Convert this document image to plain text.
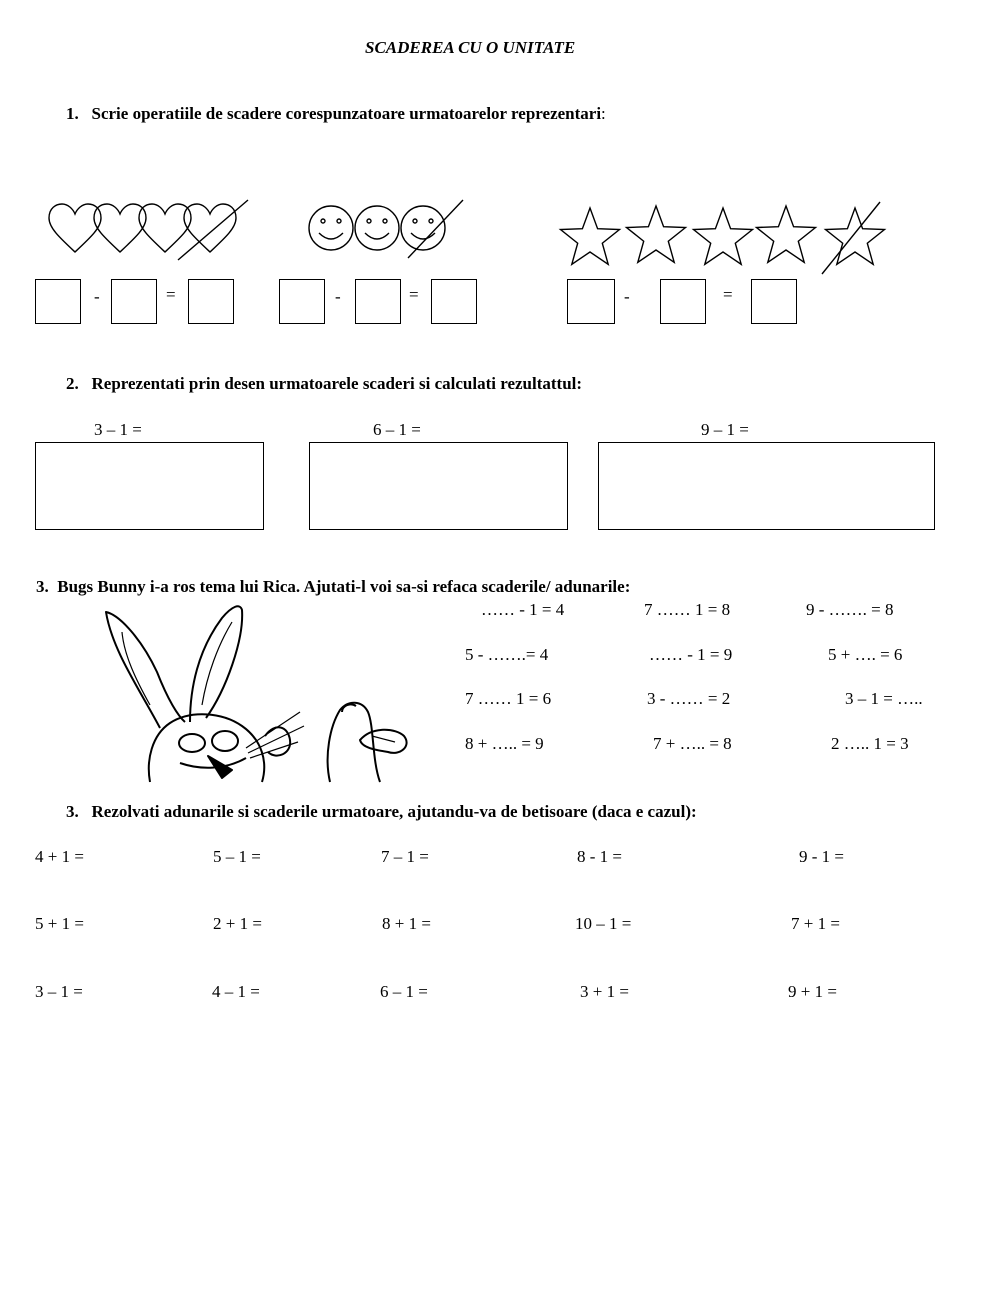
SCADEREA CU O UNITATE
1. Scrie operatiile de scadere corespunzatoare urmatoarelor reprezentari:
-	=	-	=	-	=
2. Reprezentati prin desen urmatoarele scaderi si calculati rezultattul:
3 – 1 =	6 – 1 =	9 – 1 =
3. Bugs Bunny i-a ros tema lui Rica. Ajutati-l voi sa-si refaca scaderile/ adunarile:
…… - 1 = 4	7 …… 1 = 8	9 - ……. = 8
5 - …….= 4	…… - 1 = 9	5 + …. = 6
7 …… 1 = 6	3 - …… = 2	3 – 1 = …..
8 + ….. = 9	7 + ….. = 8	2 ….. 1 = 3
3. Rezolvati adunarile si scaderile urmatoare, ajutandu-va de betisoare (daca e cazul):
4 + 1 =	5 – 1 =	7 – 1 =	8 - 1 =	9 - 1 =
5 + 1 =	2 + 1 =	8 + 1 =	10 – 1 =	7 + 1 =
3 – 1 =	4 – 1 =	6 – 1 =	3 + 1 =	9 + 1 =
